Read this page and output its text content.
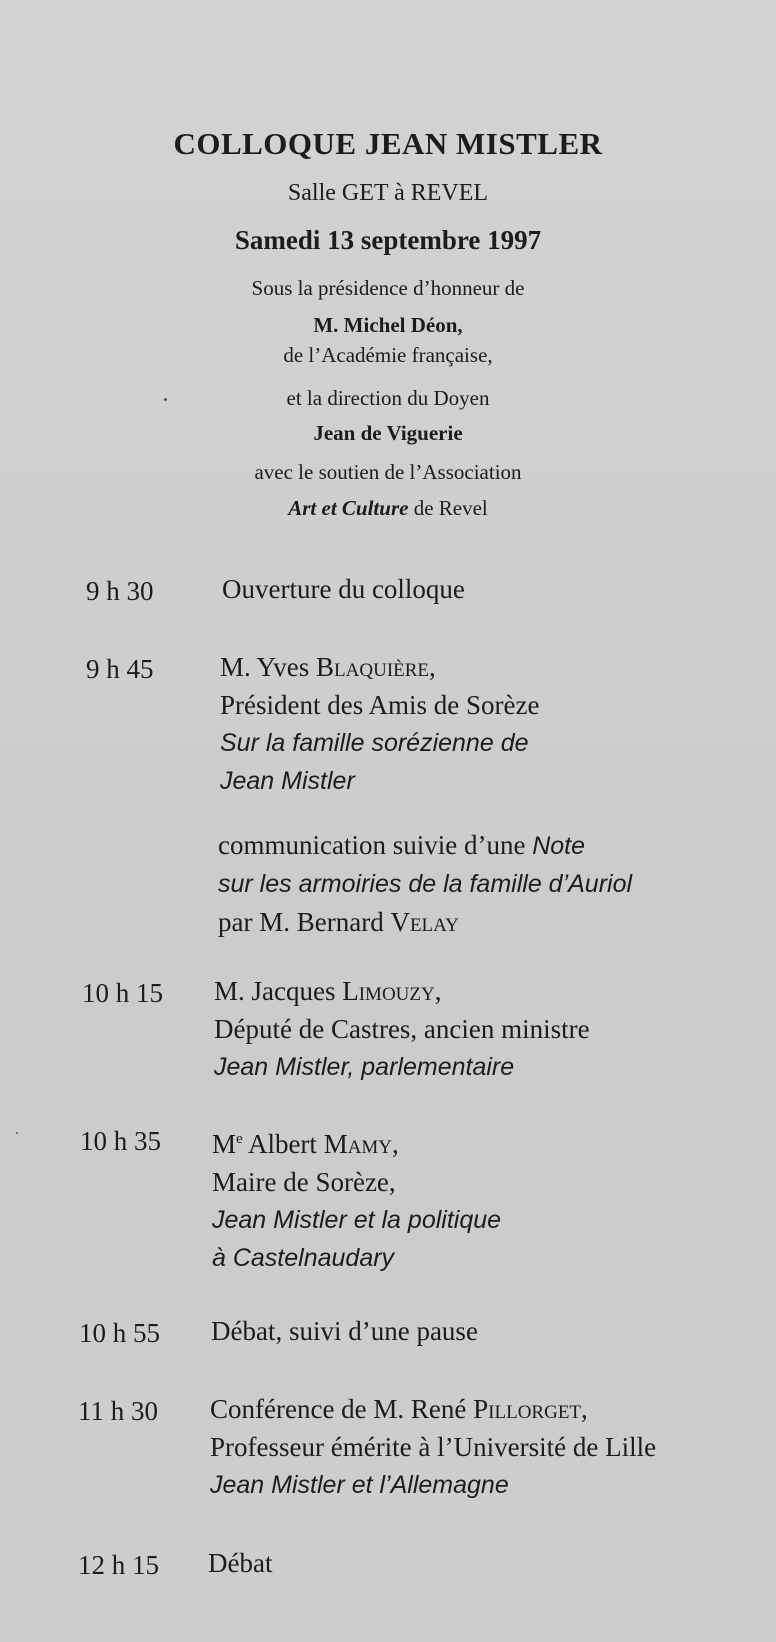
COLLOQUE JEAN MISTLER
Salle GET à REVEL
Samedi 13 septembre 1997
Sous la présidence d’honneur de
M. Michel Déon,
de l’Académie française,
et la direction du Doyen
Jean de Viguerie
avec le soutien de l’Association
Art et Culture de Revel
9 h 30	Ouverture du colloque
9 h 45 M. Yves Blaquière,
Président des Amis de Sorèze
Sur la famille sorézienne de
Jean Mistler
communication suivie d’une Note
sur les armoiries de la famille d’Auriol
par M. Bernard Velay
10 h 15 M. Jacques Limouzy,
Député de Castres, ancien ministre
Jean Mistler, parlementaire
10 h 35 Me Albert Mamy,
Maire de Sorèze,
Jean Mistler et la politique
à Castelnaudary
10 h 55 Débat, suivi d’une pause
11 h 30 Conférence de M. René Pillorget,
Professeur émérite à l’Université de Lille
Jean Mistler et l’Allemagne
12 h 15 Débat
